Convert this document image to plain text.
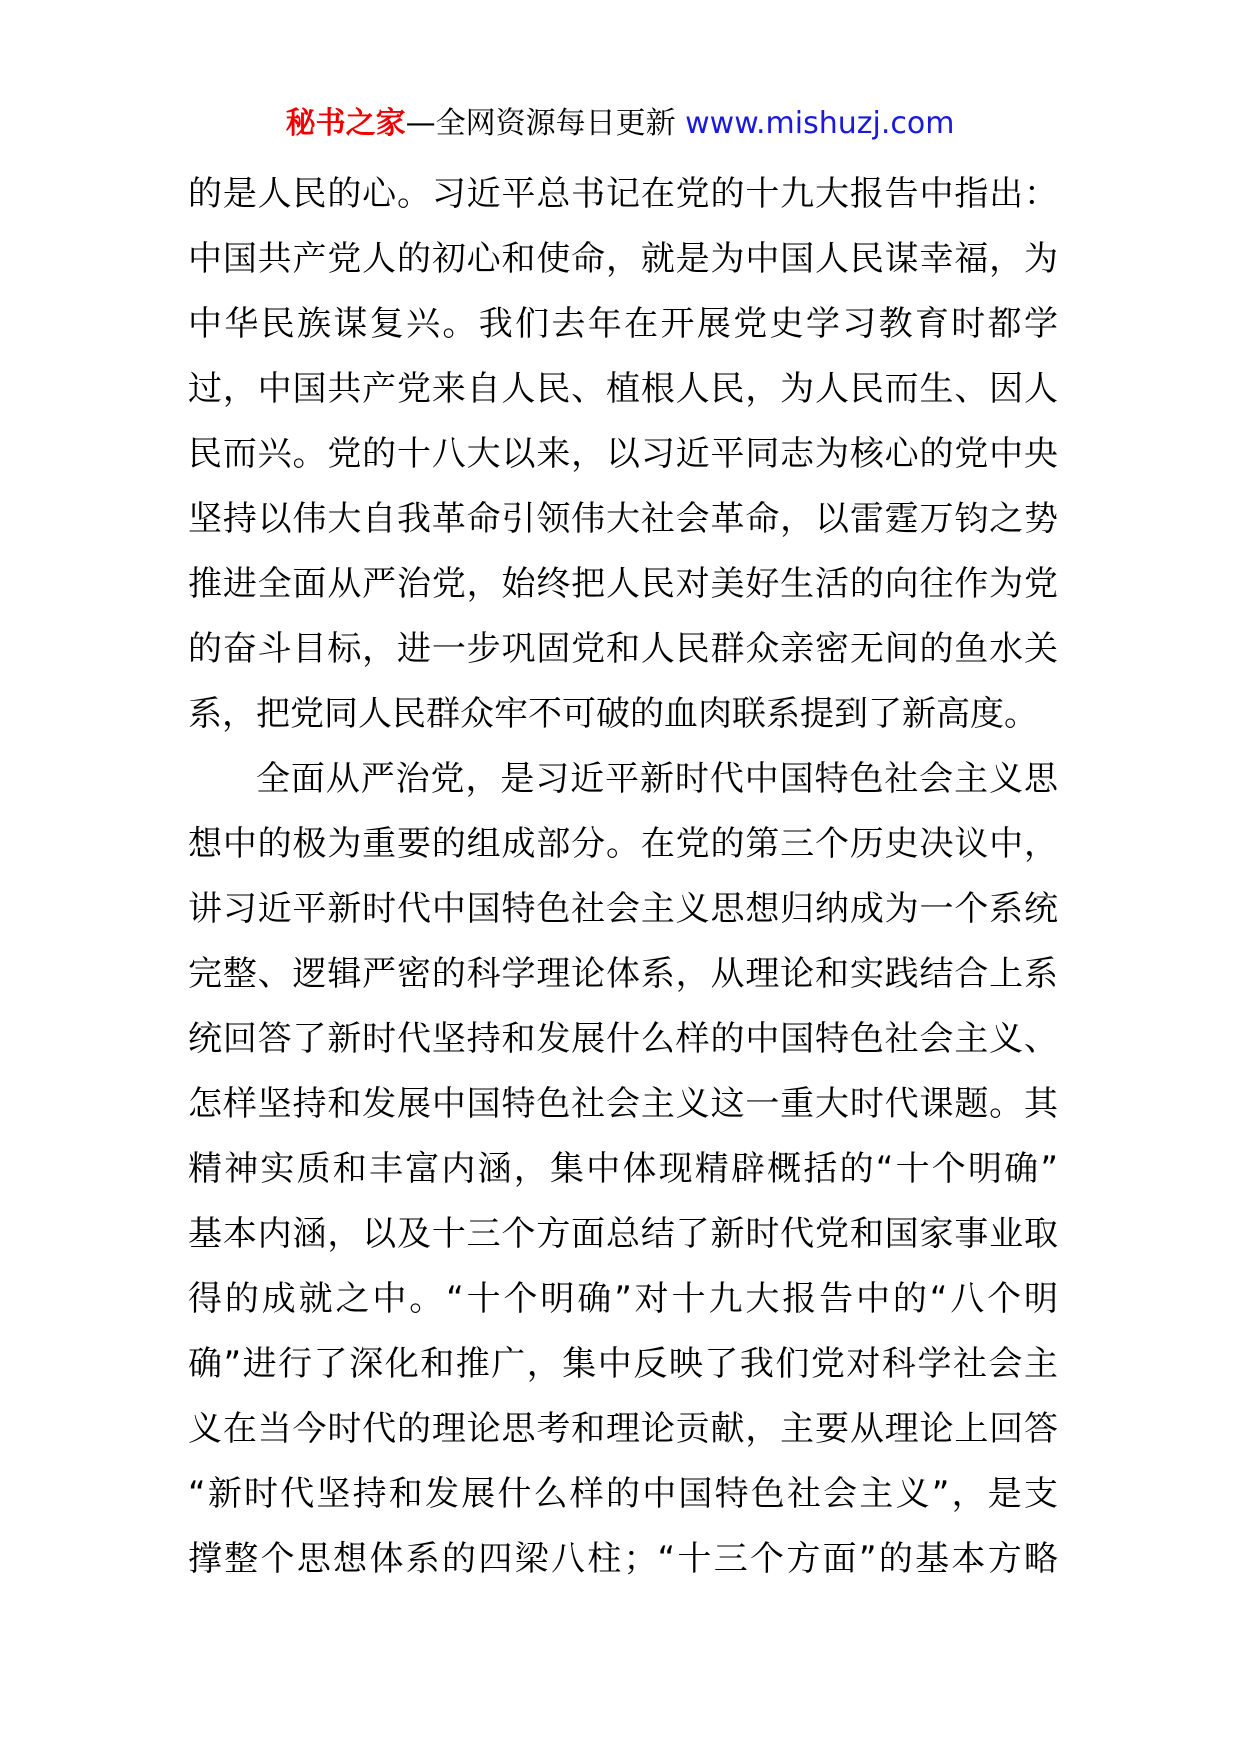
秘书之家—全网资源每日更新 www.mishuzj.com
的是人民的心。习近平总书记在党的十九大报告中指出：
中国共产党人的初心和使命，就是为中国人民谋幸福，为
中华民族谋复兴。我们去年在开展党史学习教育时都学
过，中国共产党来自人民、植根人民，为人民而生、因人
民而兴。党的十八大以来，以习近平同志为核心的党中央
坚持以伟大自我革命引领伟大社会革命，以雷霆万钧之势
推进全面从严治党，始终把人民对美好生活的向往作为党
的奋斗目标，进一步巩固党和人民群众亲密无间的鱼水关
系，把党同人民群众牢不可破的血肉联系提到了新高度。
全面从严治党，是习近平新时代中国特色社会主义思
想中的极为重要的组成部分。在党的第三个历史决议中，
讲习近平新时代中国特色社会主义思想归纳成为一个系统
完整、逻辑严密的科学理论体系，从理论和实践结合上系
统回答了新时代坚持和发展什么样的中国特色社会主义、
怎样坚持和发展中国特色社会主义这一重大时代课题。其
精神实质和丰富内涵，集中体现精辟概括的“十个明确”
基本内涵，以及十三个方面总结了新时代党和国家事业取
得的成就之中。“十个明确”对十九大报告中的“八个明
确”进行了深化和推广，集中反映了我们党对科学社会主
义在当今时代的理论思考和理论贡献，主要从理论上回答
“新时代坚持和发展什么样的中国特色社会主义”，是支
撑整个思想体系的四梁八柱；“十三个方面”的基本方略
